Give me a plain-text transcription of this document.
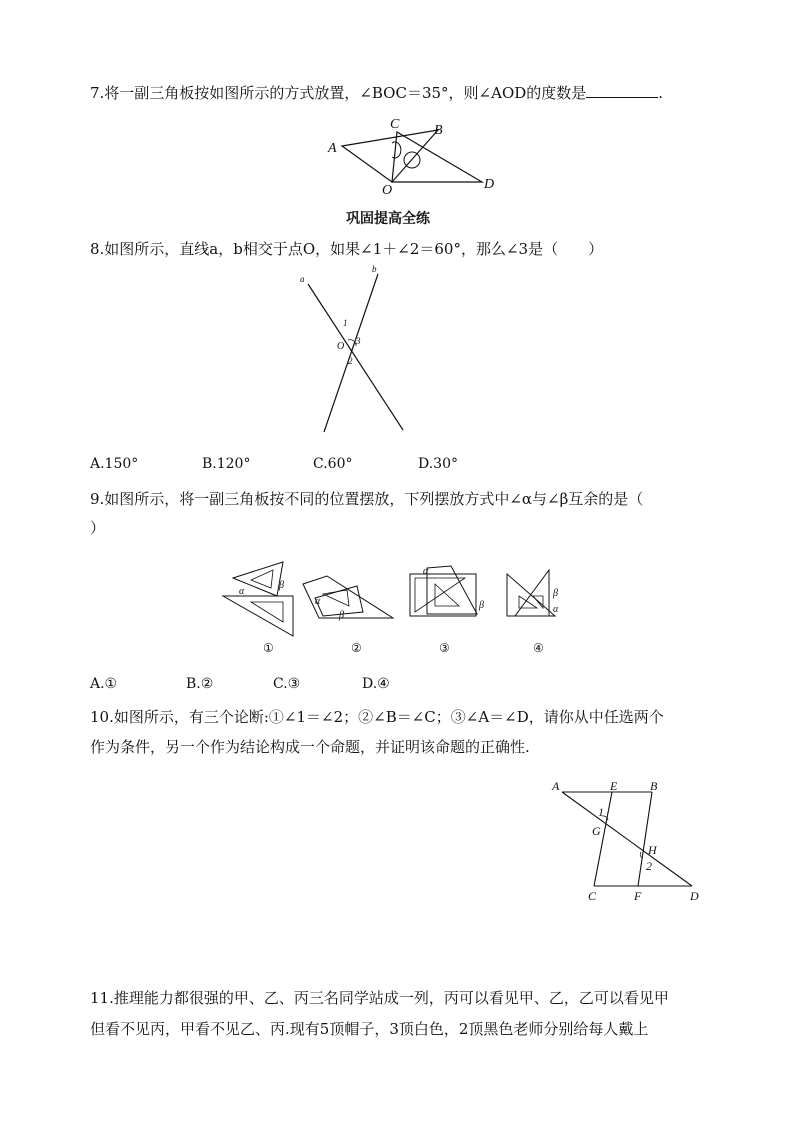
7.将一副三角板按如图所示的方式放置，∠BOC＝35°，则∠AOD的度数是	.
A
B
C
O	D
巩固提高全练
8.如图所示，直线a，b相交于点O，如果∠1＋∠2＝60°，那么∠3是（　　）
a
b
O
1
2
3
A.150°	B.120°	C.60°	D.30°
9.如图所示，将一副三角板按不同的位置摆放，下列摆放方式中∠α与∠β互余的是（
）
α
β
α
β
α
β
β
α
①	②	③	④
A.①	B.②	C.③	D.④
10.如图所示，有三个论断:①∠1＝∠2；②∠B＝∠C；③∠A＝∠D，请你从中任选两个
作为条件，另一个作为结论构成一个命题，并证明该命题的正确性.
A	E	B
1
G
H
2
C	F	D
11.推理能力都很强的甲、乙、丙三名同学站成一列，丙可以看见甲、乙，乙可以看见甲
但看不见丙，甲看不见乙、丙.现有5顶帽子，3顶白色，2顶黑色老师分别给每人戴上
